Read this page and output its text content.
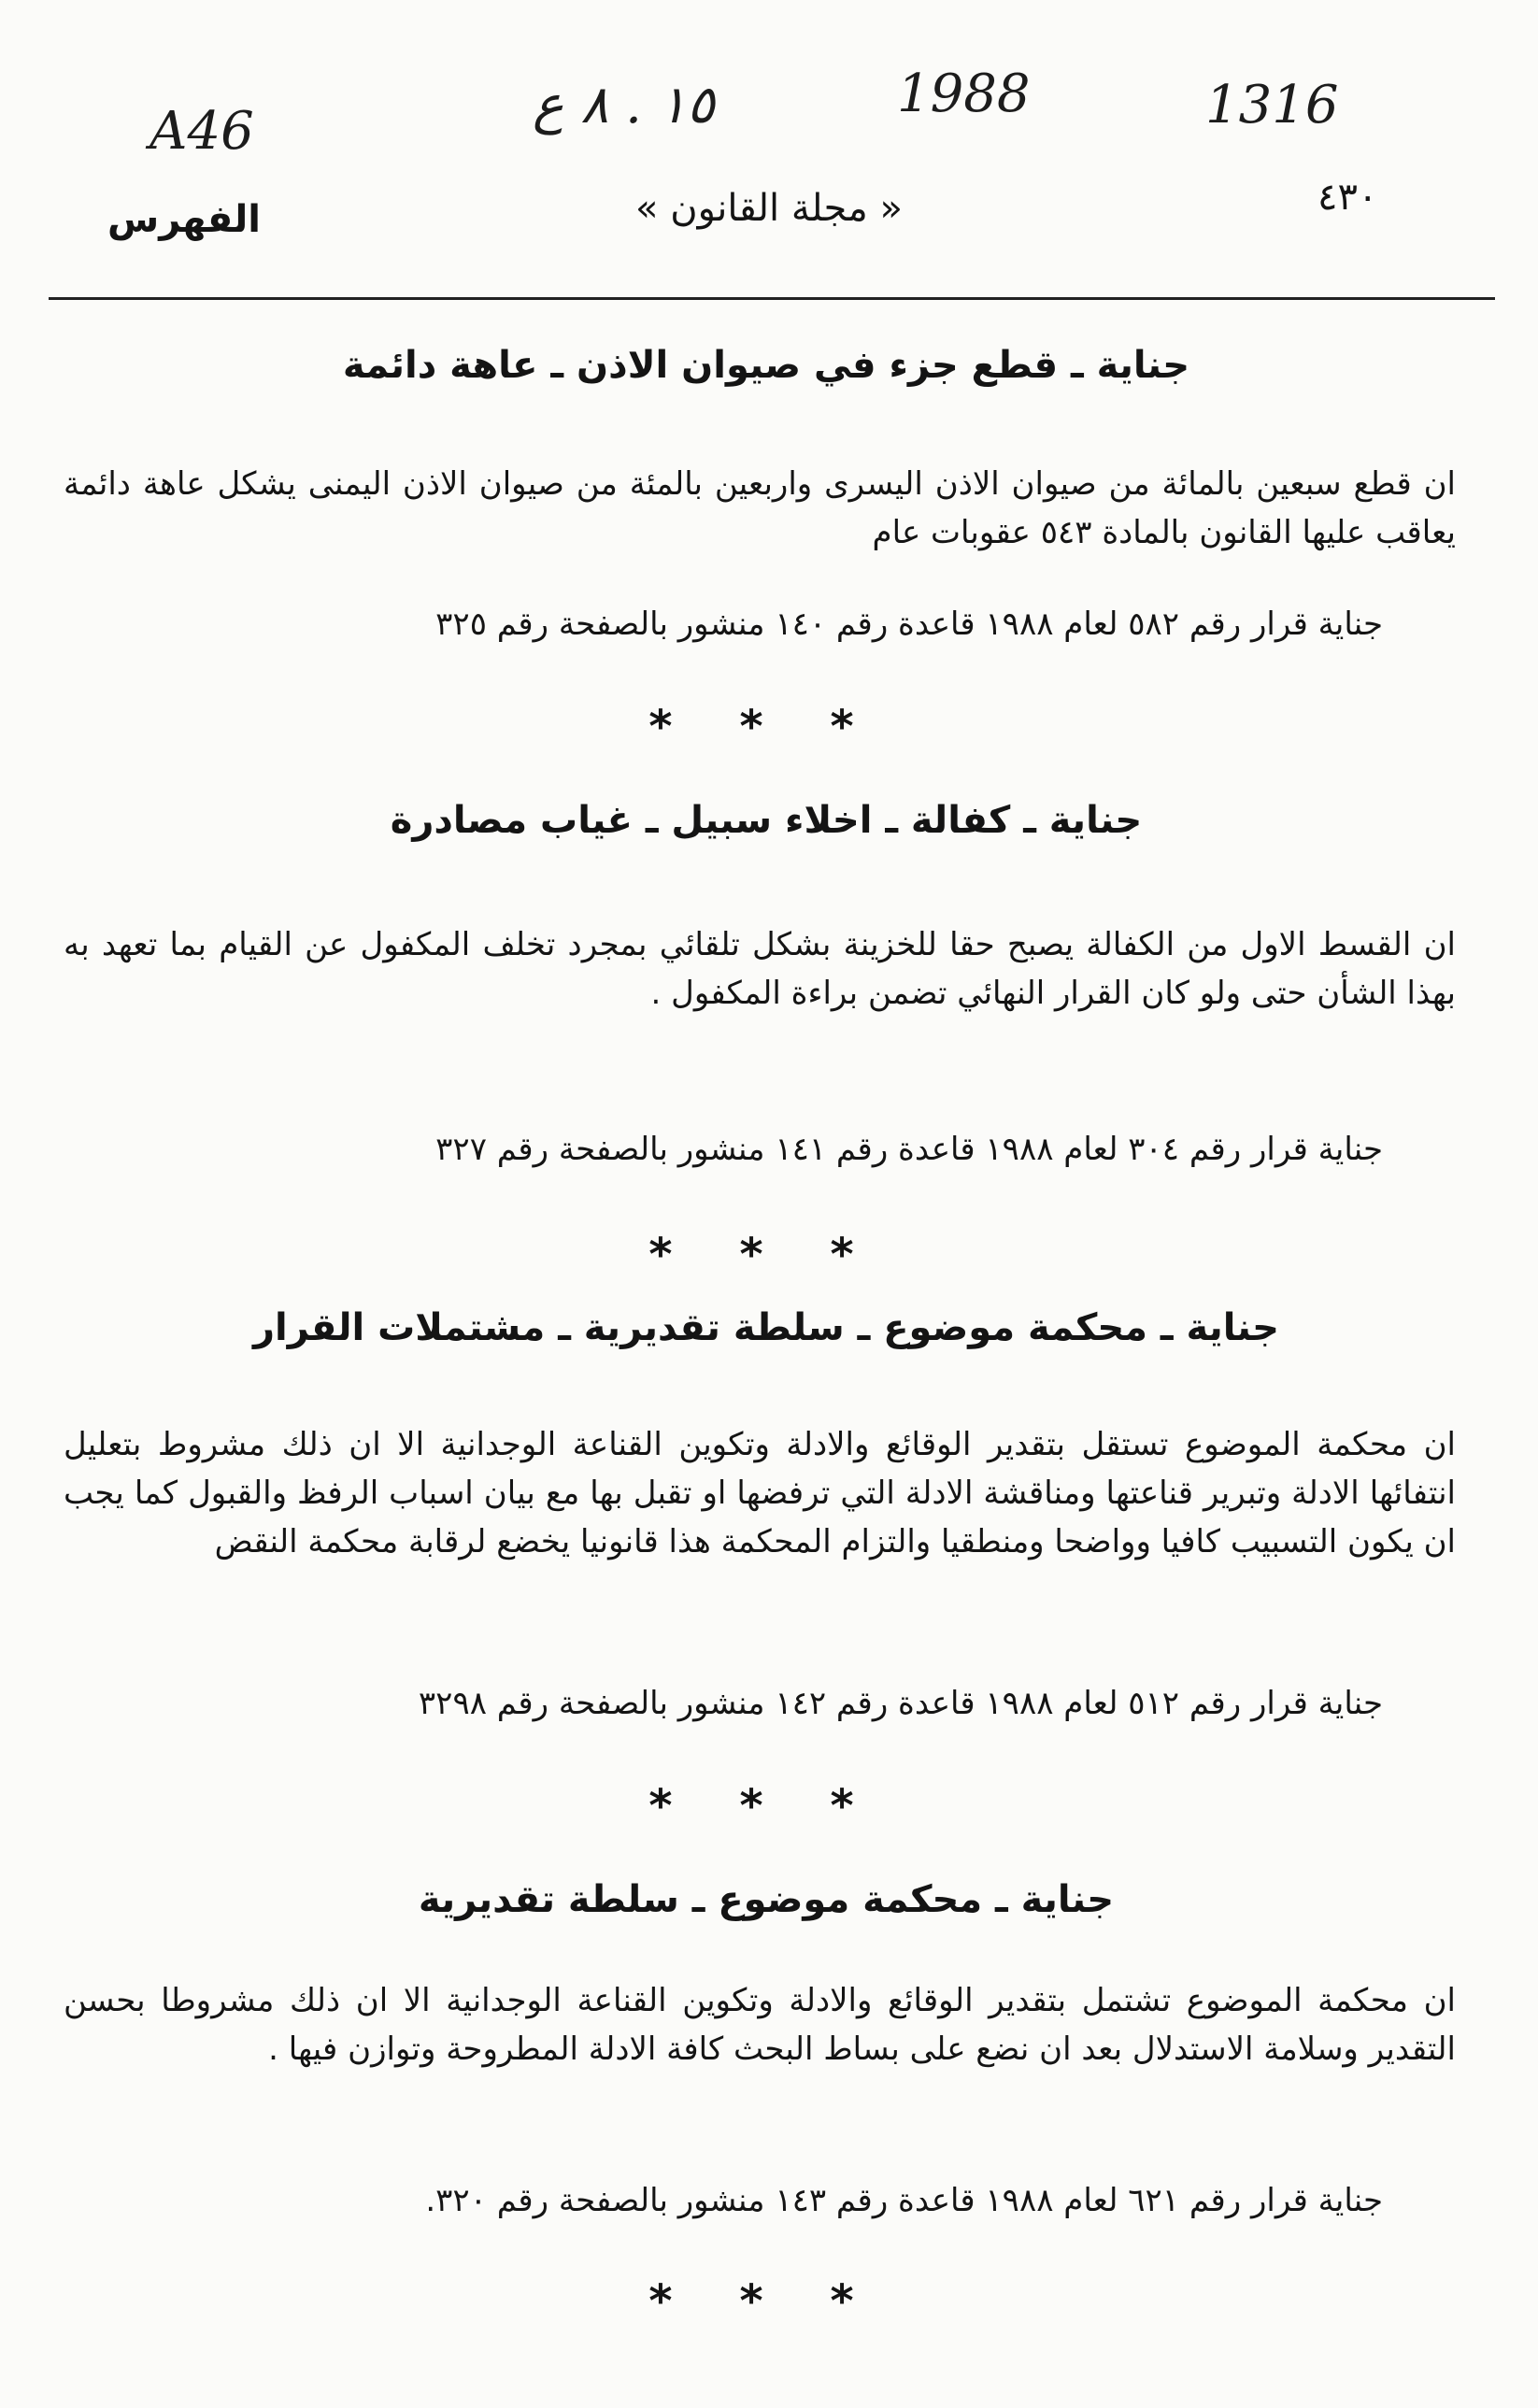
A46	١٥ . ٨ ع	1988	1316
الفهرس	« مجلة القانون »	٤٣٠
جناية ـ قطع جزء في صيوان الاذن ـ عاهة دائمة
ان قطع سبعين بالمائة من صيوان الاذن اليسرى واربعين بالمئة من صيوان الاذن اليمنى يشكل عاهة دائمة يعاقب عليها القانون بالمادة ٥٤٣ عقوبات عام
جناية قرار رقم ٥٨٢ لعام ١٩٨٨ قاعدة رقم ١٤٠ منشور بالصفحة رقم ٣٢٥
***
جناية ـ كفالة ـ اخلاء سبيل ـ غياب مصادرة
ان القسط الاول من الكفالة يصبح حقا للخزينة بشكل تلقائي بمجرد تخلف المكفول عن القيام بما تعهد به بهذا الشأن حتى ولو كان القرار النهائي تضمن براءة المكفول .
جناية قرار رقم ٣٠٤ لعام ١٩٨٨ قاعدة رقم ١٤١ منشور بالصفحة رقم ٣٢٧
***
جناية ـ محكمة موضوع ـ سلطة تقديرية ـ مشتملات القرار
ان محكمة الموضوع تستقل بتقدير الوقائع والادلة وتكوين القناعة الوجدانية الا ان ذلك مشروط بتعليل انتفائها الادلة وتبرير قناعتها ومناقشة الادلة التي ترفضها او تقبل بها مع بيان اسباب الرفظ والقبول كما يجب ان يكون التسبيب كافيا وواضحا ومنطقيا والتزام المحكمة هذا قانونيا يخضع لرقابة محكمة النقض
جناية قرار رقم ٥١٢ لعام ١٩٨٨ قاعدة رقم ١٤٢ منشور بالصفحة رقم ٣٢٩٨
***
جناية ـ محكمة موضوع ـ سلطة تقديرية
ان محكمة الموضوع تشتمل بتقدير الوقائع والادلة وتكوين القناعة الوجدانية الا ان ذلك مشروطا بحسن التقدير وسلامة الاستدلال بعد ان نضع على بساط البحث كافة الادلة المطروحة وتوازن فيها .
جناية قرار رقم ٦٢١ لعام ١٩٨٨ قاعدة رقم ١٤٣ منشور بالصفحة رقم ٣٢٠.
***
